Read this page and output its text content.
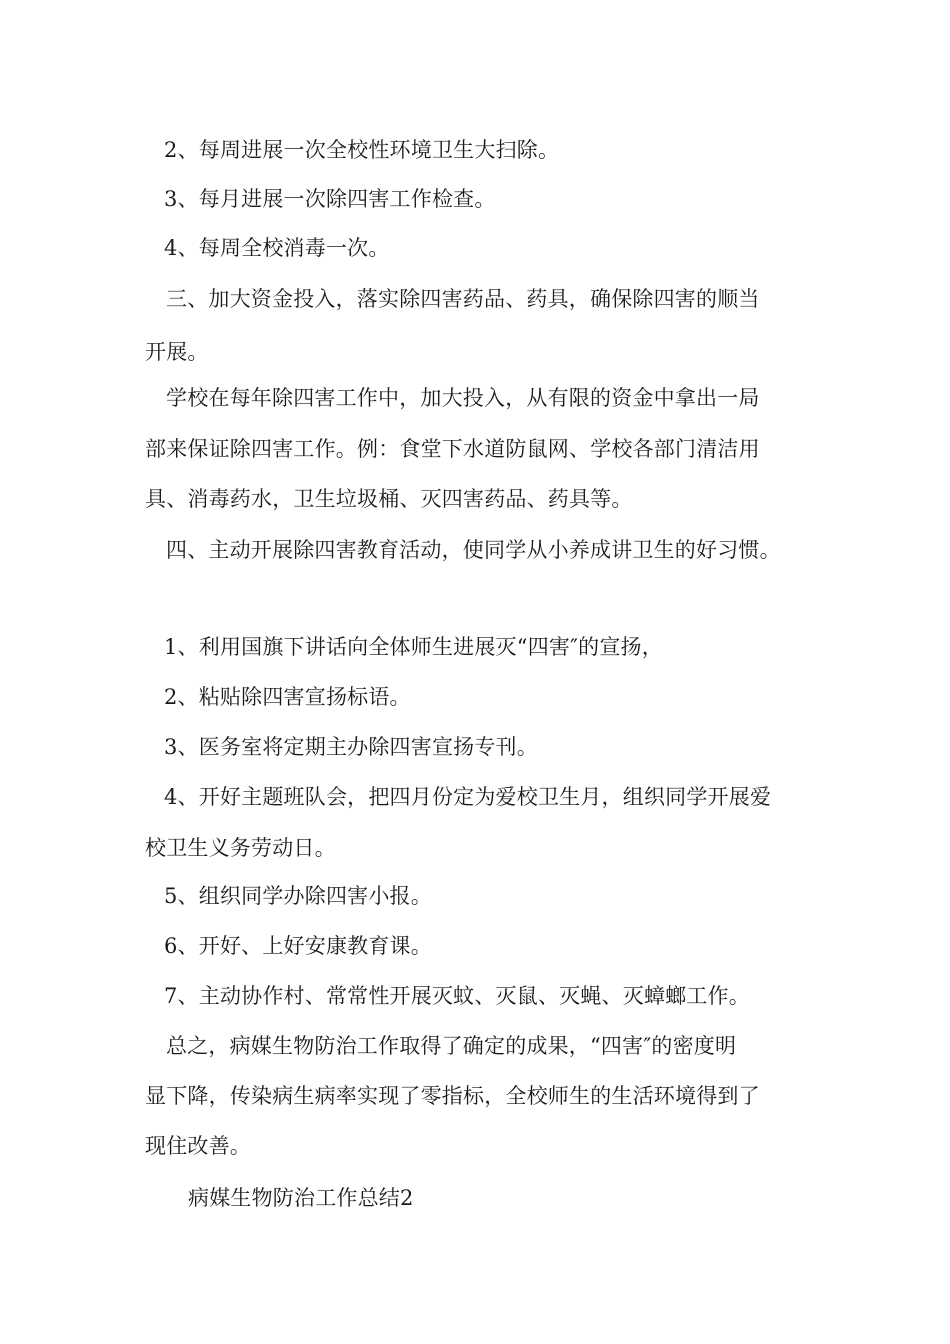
2、每周进展一次全校性环境卫生大扫除。
3、每月进展一次除四害工作检查。
4、每周全校消毒一次。
三、加大资金投入，落实除四害药品、药具，确保除四害的顺当
开展。
学校在每年除四害工作中，加大投入，从有限的资金中拿出一局
部来保证除四害工作。例：食堂下水道防鼠网、学校各部门清洁用
具、消毒药水，卫生垃圾桶、灭四害药品、药具等。
四、主动开展除四害教育活动，使同学从小养成讲卫生的好习惯。
1、利用国旗下讲话向全体师生进展灭“四害″的宣扬，
2、粘贴除四害宣扬标语。
3、医务室将定期主办除四害宣扬专刊。
4、开好主题班队会，把四月份定为爱校卫生月，组织同学开展爱
校卫生义务劳动日。
5、组织同学办除四害小报。
6、开好、上好安康教育课。
7、主动协作村、常常性开展灭蚊、灭鼠、灭蝇、灭蟑螂工作。
总之，病媒生物防治工作取得了确定的成果，“四害″的密度明
显下降，传染病生病率实现了零指标，全校师生的生活环境得到了
现住改善。
病媒生物防治工作总结2
